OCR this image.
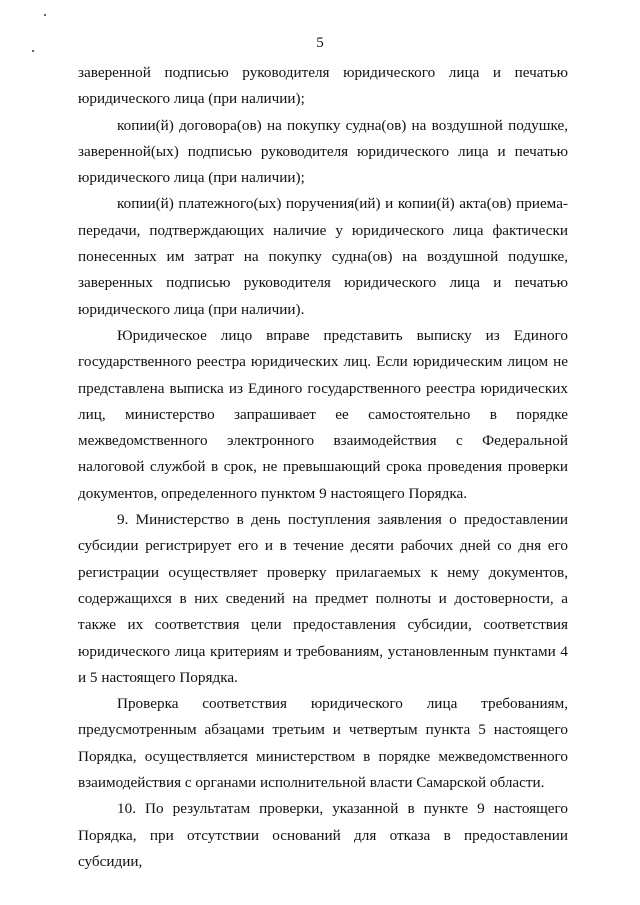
5

заверенной подписью руководителя юридического лица и печатью юридического лица (при наличии);

копии(й) договора(ов) на покупку судна(ов) на воздушной подушке, заверенной(ых) подписью руководителя юридического лица и печатью юридического лица (при наличии);

копии(й) платежного(ых) поручения(ий) и копии(й) акта(ов) приема-передачи, подтверждающих наличие у юридического лица фактически понесенных им затрат на покупку судна(ов) на воздушной подушке, заверенных подписью руководителя юридического лица и печатью юридического лица (при наличии).

Юридическое лицо вправе представить выписку из Единого государственного реестра юридических лиц. Если юридическим лицом не представлена выписка из Единого государственного реестра юридических лиц, министерство запрашивает ее самостоятельно в порядке межведомственного электронного взаимодействия с Федеральной налоговой службой в срок, не превышающий срока проведения проверки документов, определенного пунктом 9 настоящего Порядка.

9. Министерство в день поступления заявления о предоставлении субсидии регистрирует его и в течение десяти рабочих дней со дня его регистрации осуществляет проверку прилагаемых к нему документов, содержащихся в них сведений на предмет полноты и достоверности, а также их соответствия цели предоставления субсидии, соответствия юридического лица критериям и требованиям, установленным пунктами 4 и 5 настоящего Порядка.

Проверка соответствия юридического лица требованиям, предусмотренным абзацами третьим и четвертым пункта 5 настоящего Порядка, осуществляется министерством в порядке межведомственного взаимодействия с органами исполнительной власти Самарской области.

10. По результатам проверки, указанной в пункте 9 настоящего Порядка, при отсутствии оснований для отказа в предоставлении субсидии,
